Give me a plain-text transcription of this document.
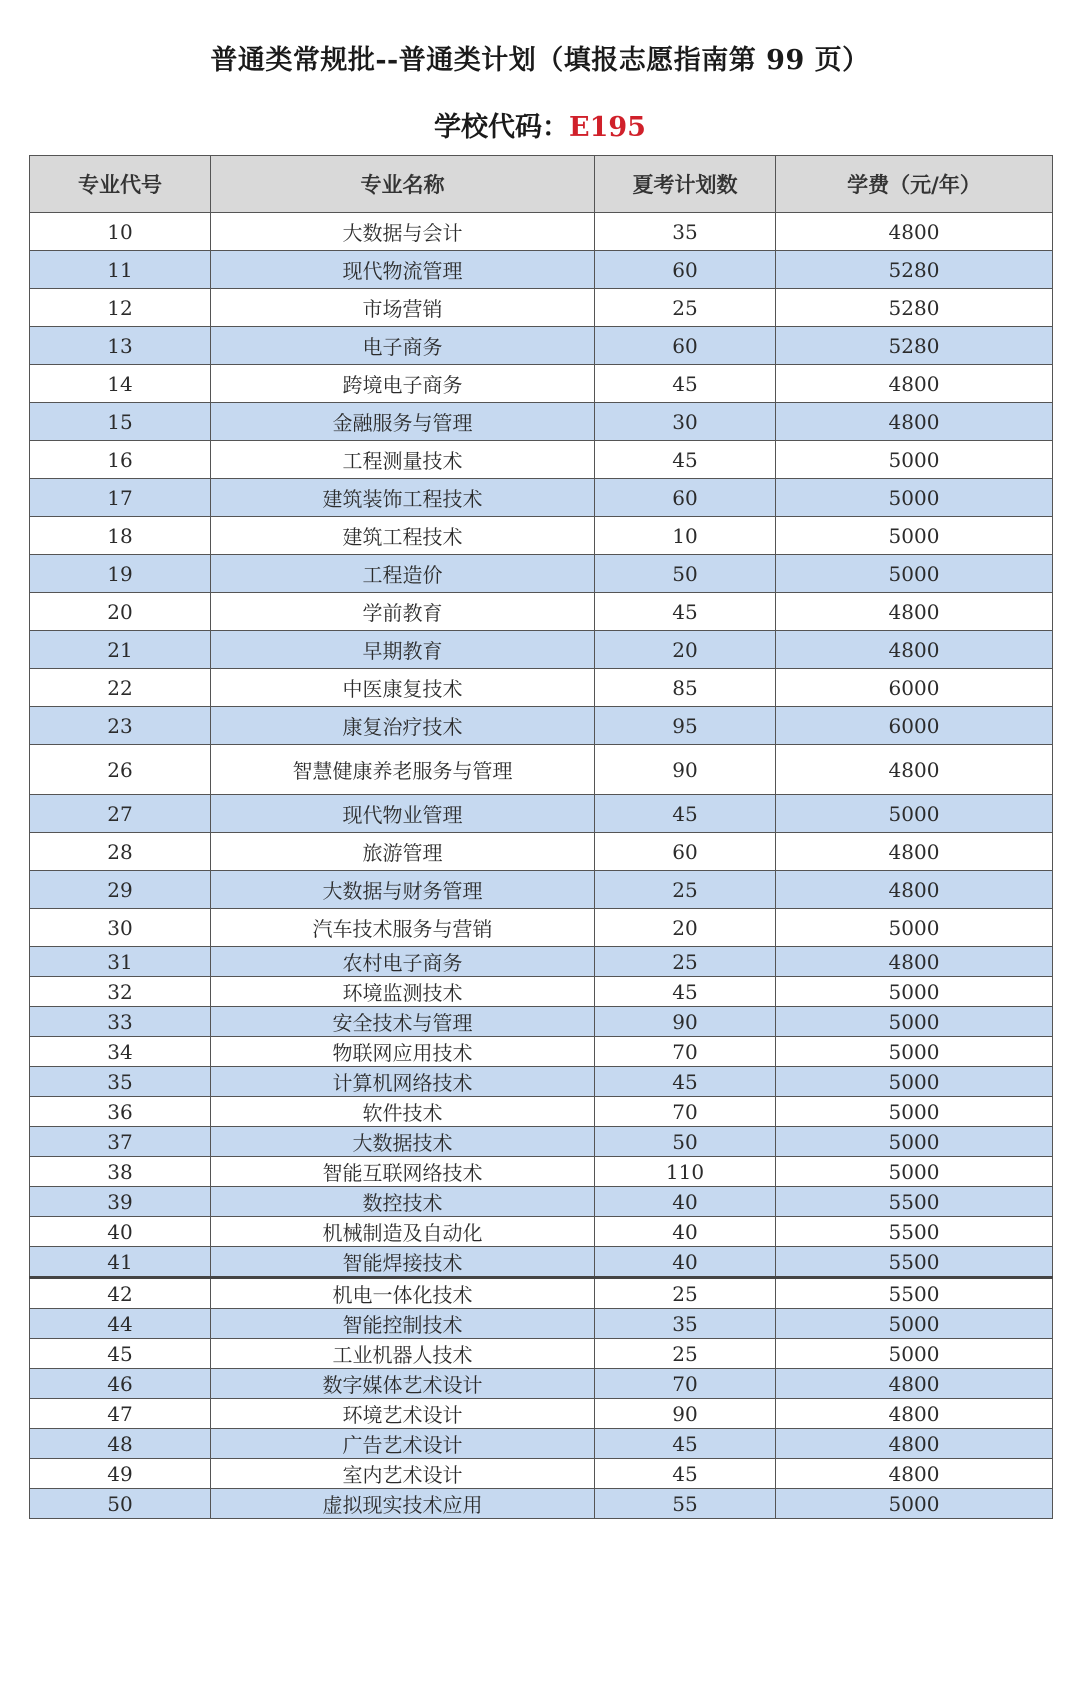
普通类常规批--普通类计划（填报志愿指南第 99 页）
学校代码：E195
专业代号	专业名称	夏考计划数	学费（元/年）
10	大数据与会计	35	4800
11	现代物流管理	60	5280
12	市场营销	25	5280
13	电子商务	60	5280
14	跨境电子商务	45	4800
15	金融服务与管理	30	4800
16	工程测量技术	45	5000
17	建筑装饰工程技术	60	5000
18	建筑工程技术	10	5000
19	工程造价	50	5000
20	学前教育	45	4800
21	早期教育	20	4800
22	中医康复技术	85	6000
23	康复治疗技术	95	6000
26	智慧健康养老服务与管理	90	4800
27	现代物业管理	45	5000
28	旅游管理	60	4800
29	大数据与财务管理	25	4800
30	汽车技术服务与营销	20	5000
31	农村电子商务	25	4800
32	环境监测技术	45	5000
33	安全技术与管理	90	5000
34	物联网应用技术	70	5000
35	计算机网络技术	45	5000
36	软件技术	70	5000
37	大数据技术	50	5000
38	智能互联网络技术	110	5000
39	数控技术	40	5500
40	机械制造及自动化	40	5500
41	智能焊接技术	40	5500
42	机电一体化技术	25	5500
44	智能控制技术	35	5000
45	工业机器人技术	25	5000
46	数字媒体艺术设计	70	4800
47	环境艺术设计	90	4800
48	广告艺术设计	45	4800
49	室内艺术设计	45	4800
50	虚拟现实技术应用	55	5000
